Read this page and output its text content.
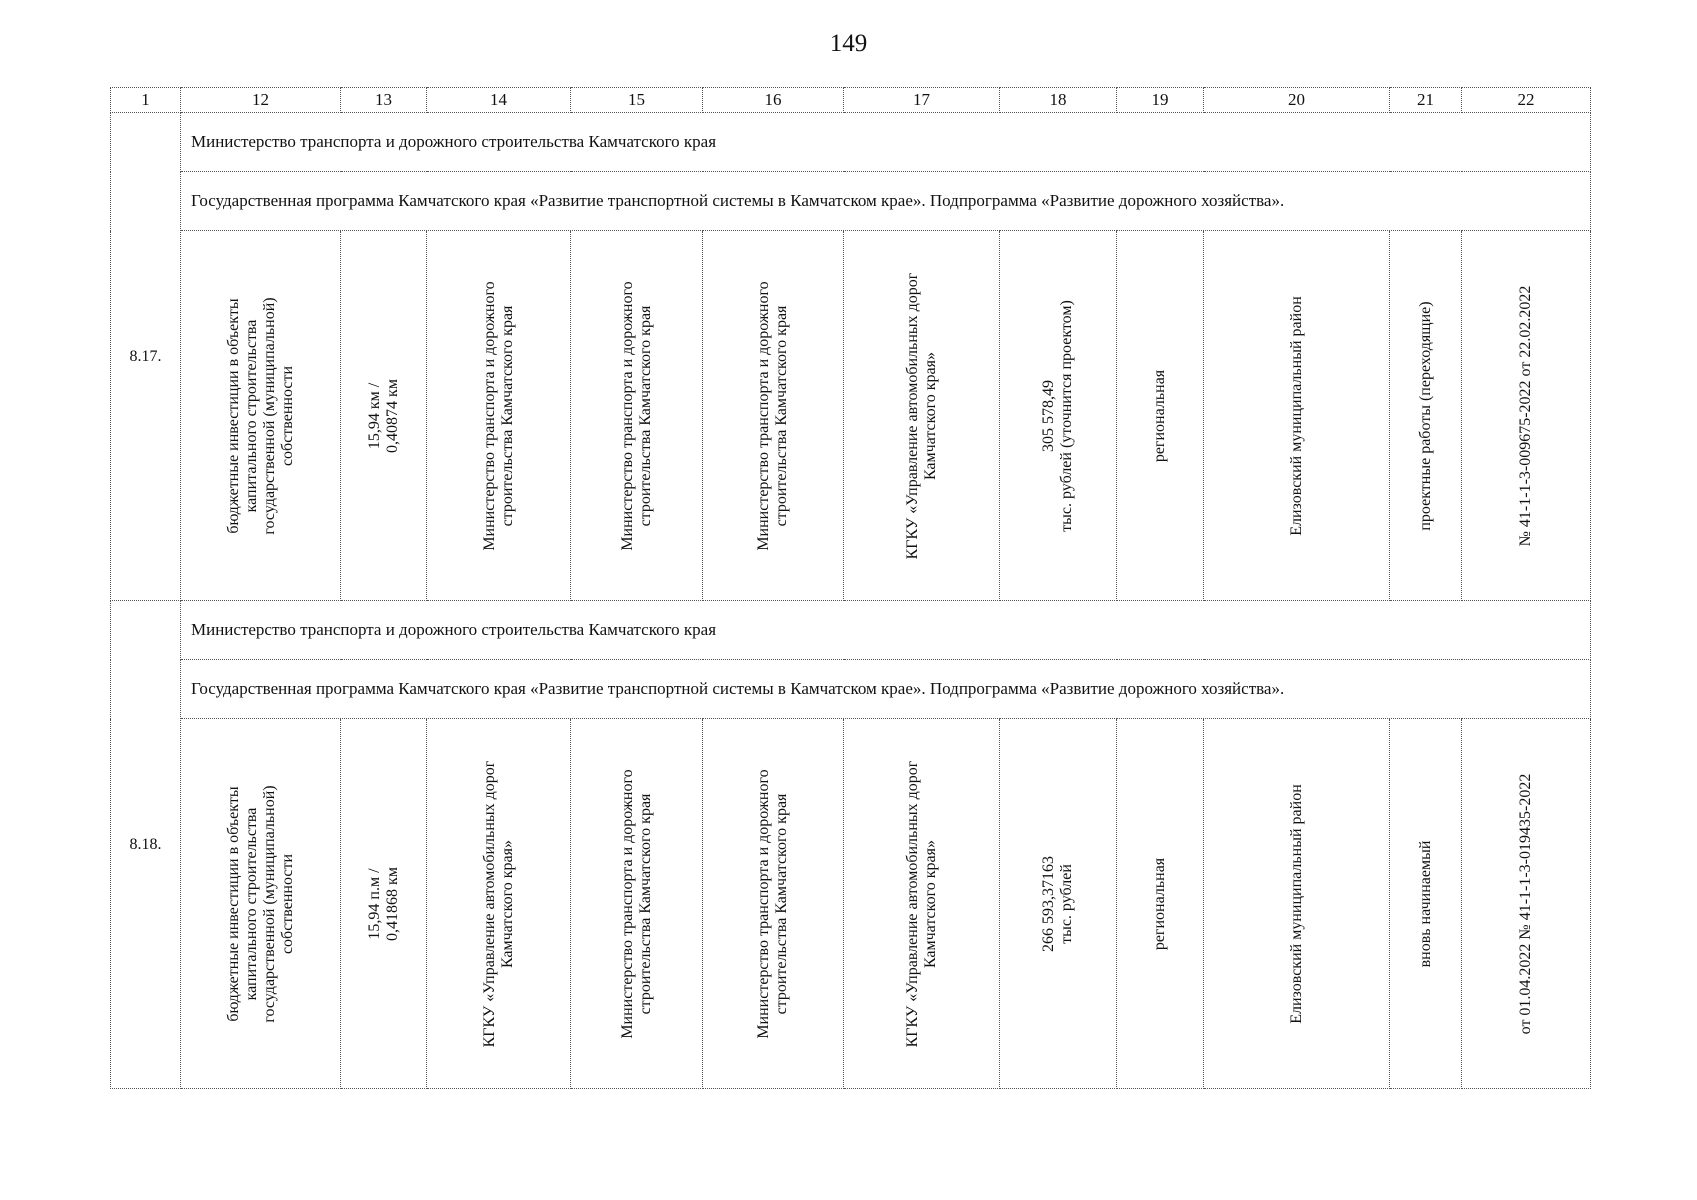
149
1	12	13	14	15	16	17	18	19	20	21	22
8.17.	Министерство транспорта и дорожного строительства Камчатского края										
	Государственная программа Камчатского края «Развитие транспортной системы в Камчатском крае». Подпрограмма «Развитие дорожного хозяйства».										

	бюджетные инвестиции в объекты капитального строительства государственной (муниципальной) собственности	15,94 км / 0,40874 км	Министерство транспорта и дорожного строительства Камчатского края	Министерство транспорта и дорожного строительства Камчатского края	Министерство транспорта и дорожного строительства Камчатского края	КГКУ «Управление автомобильных дорог Камчатского края»	305 578,49 тыс. рублей (уточнится проектом)	региональная	Елизовский муниципальный район	проектные работы (переходящие)	№ 41-1-1-3-009675-2022 от 22.02.2022

8.18.	Министерство транспорта и дорожного строительства Камчатского края										
	Государственная программа Камчатского края «Развитие транспортной системы в Камчатском крае». Подпрограмма «Развитие дорожного хозяйства».										

	бюджетные инвестиции в объекты капитального строительства государственной (муниципальной) собственности	15,94 п.м / 0,41868 км	КГКУ «Управление автомобильных дорог Камчатского края»	Министерство транспорта и дорожного строительства Камчатского края	Министерство транспорта и дорожного строительства Камчатского края	КГКУ «Управление автомобильных дорог Камчатского края»	266 593,37163 тыс. рублей	региональная	Елизовский муниципальный район	вновь начинаемый	от 01.04.2022 № 41-1-1-3-019435-2022
